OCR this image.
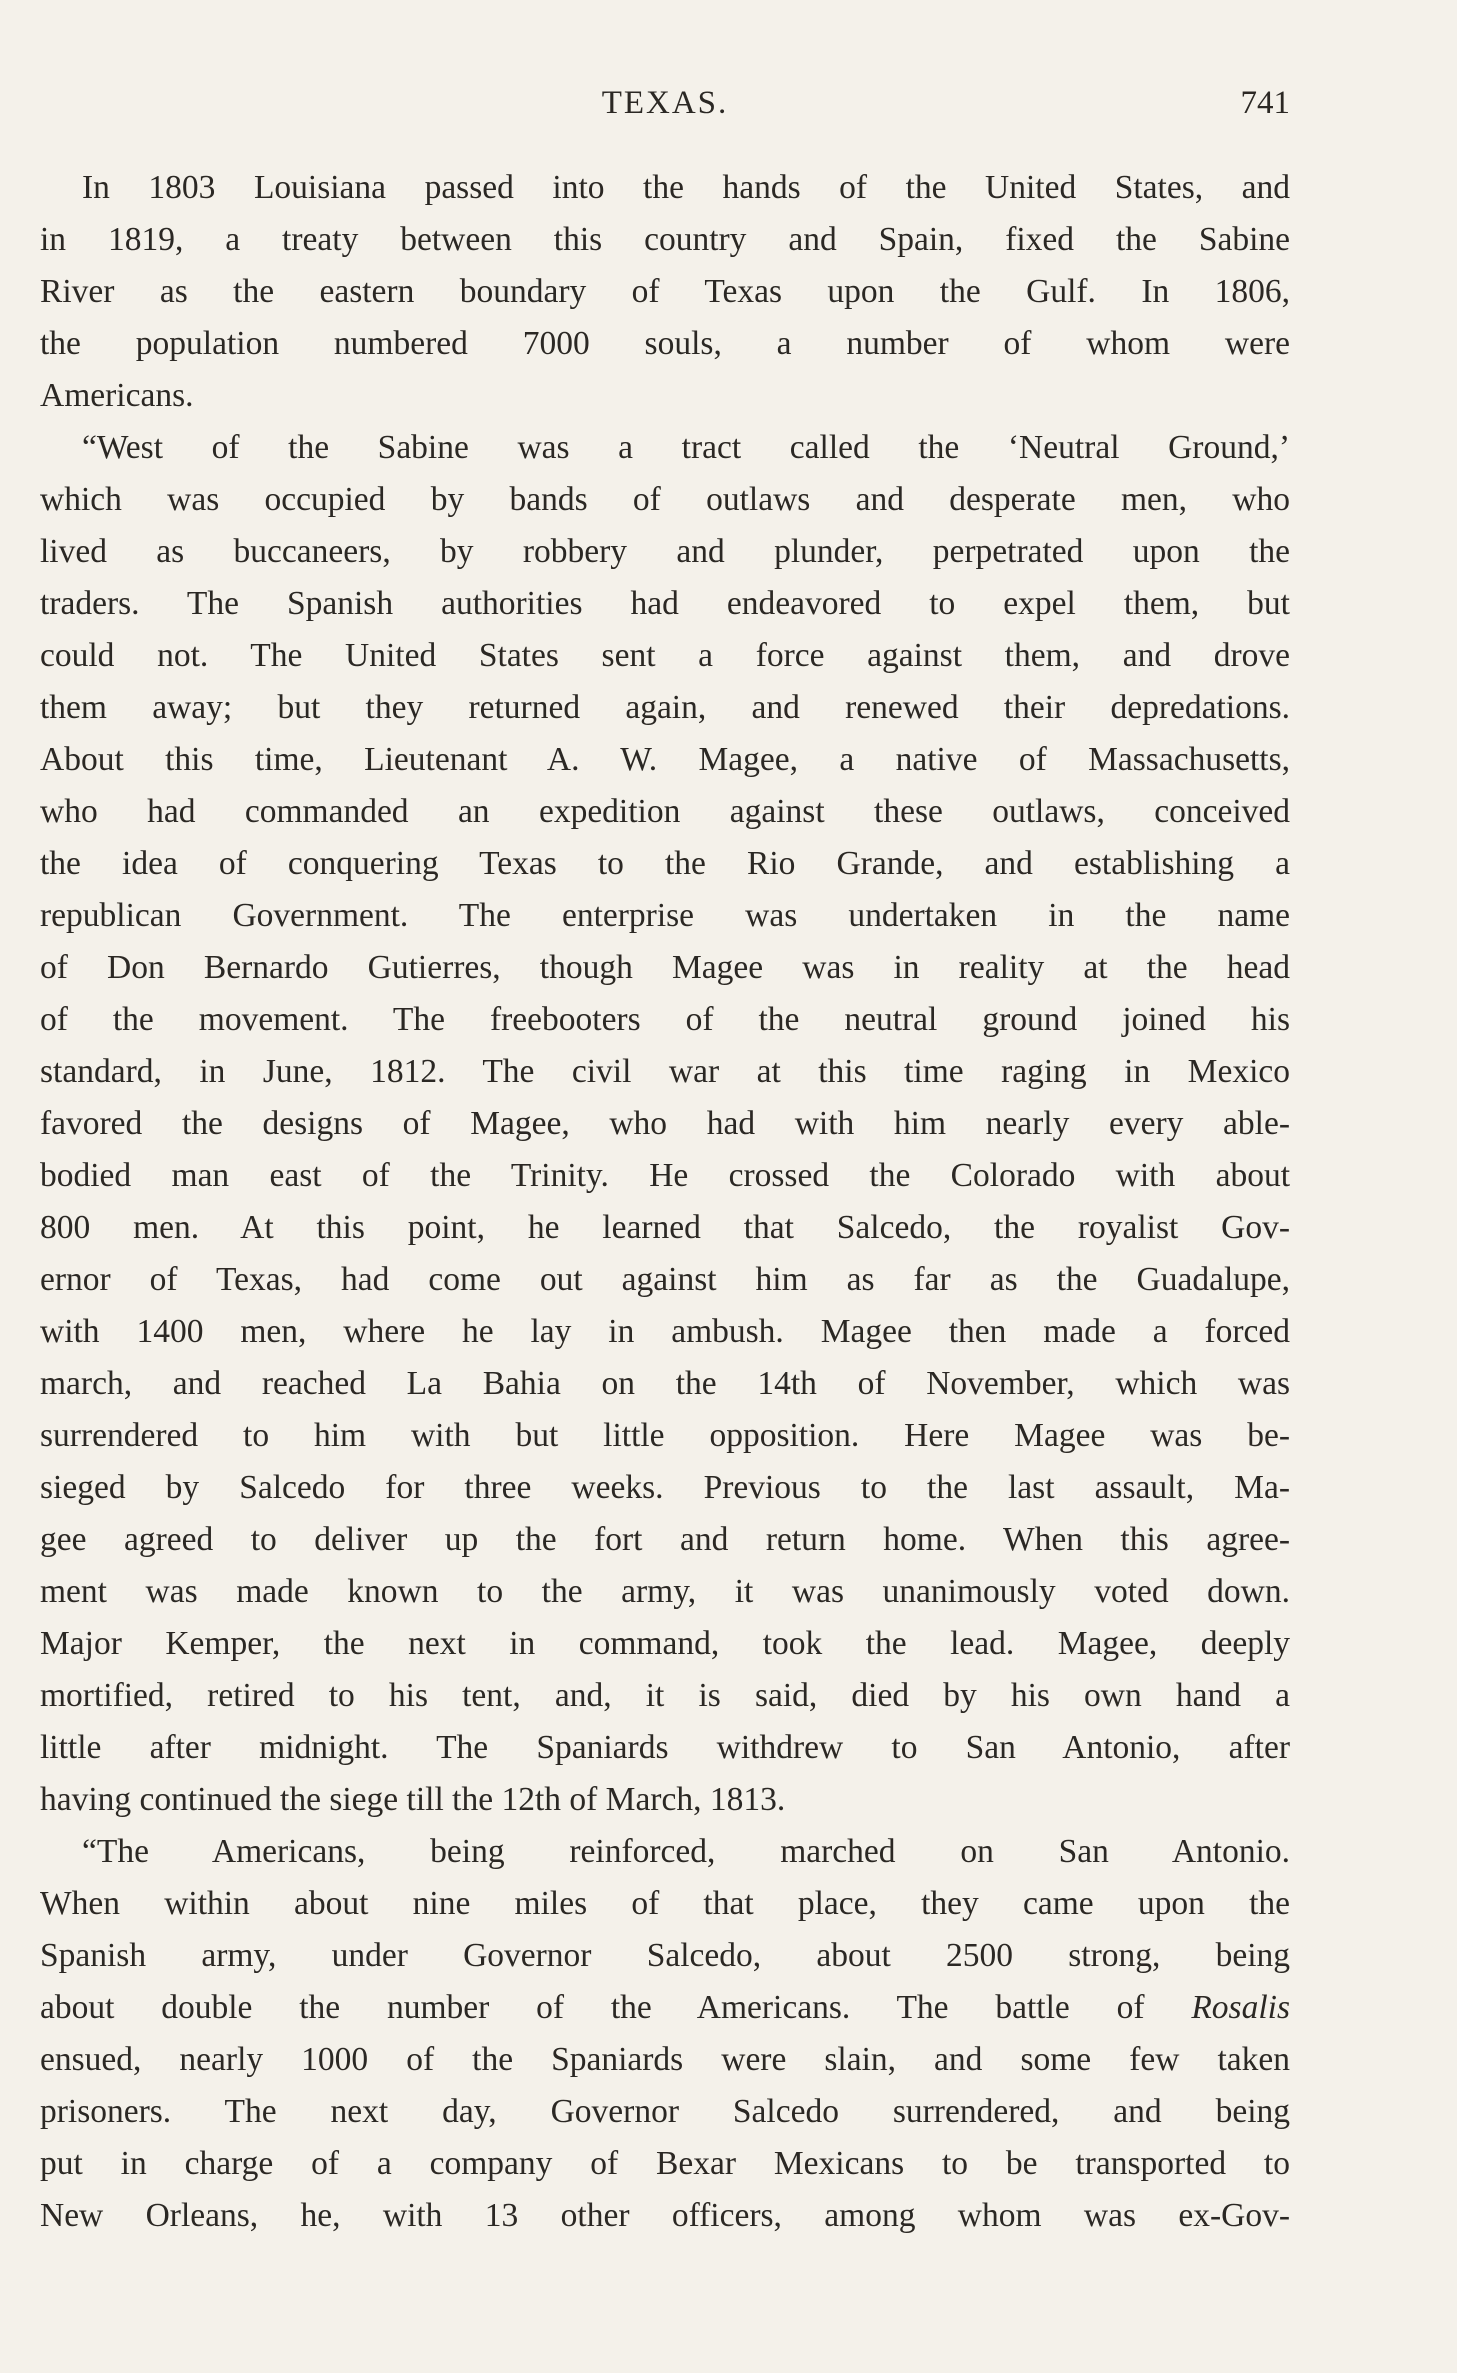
TEXAS.	741
In 1803 Louisiana passed into the hands of the United States, and
in 1819, a treaty between this country and Spain, fixed the Sabine
River as the eastern boundary of Texas upon the Gulf. In 1806,
the population numbered 7000 souls, a number of whom were
Americans.
“West of the Sabine was a tract called the ‘Neutral Ground,’
which was occupied by bands of outlaws and desperate men, who
lived as buccaneers, by robbery and plunder, perpetrated upon the
traders. The Spanish authorities had endeavored to expel them, but
could not. The United States sent a force against them, and drove
them away; but they returned again, and renewed their depredations.
About this time, Lieutenant A. W. Magee, a native of Massachusetts,
who had commanded an expedition against these outlaws, conceived
the idea of conquering Texas to the Rio Grande, and establishing a
republican Government. The enterprise was undertaken in the name
of Don Bernardo Gutierres, though Magee was in reality at the head
of the movement. The freebooters of the neutral ground joined his
standard, in June, 1812. The civil war at this time raging in Mexico
favored the designs of Magee, who had with him nearly every able-
bodied man east of the Trinity. He crossed the Colorado with about
800 men. At this point, he learned that Salcedo, the royalist Gov-
ernor of Texas, had come out against him as far as the Guadalupe,
with 1400 men, where he lay in ambush. Magee then made a forced
march, and reached La Bahia on the 14th of November, which was
surrendered to him with but little opposition. Here Magee was be-
sieged by Salcedo for three weeks. Previous to the last assault, Ma-
gee agreed to deliver up the fort and return home. When this agree-
ment was made known to the army, it was unanimously voted down.
Major Kemper, the next in command, took the lead. Magee, deeply
mortified, retired to his tent, and, it is said, died by his own hand a
little after midnight. The Spaniards withdrew to San Antonio, after
having continued the siege till the 12th of March, 1813.
“The Americans, being reinforced, marched on San Antonio.
When within about nine miles of that place, they came upon the
Spanish army, under Governor Salcedo, about 2500 strong, being
about double the number of the Americans. The battle of Rosalis
ensued, nearly 1000 of the Spaniards were slain, and some few taken
prisoners. The next day, Governor Salcedo surrendered, and being
put in charge of a company of Bexar Mexicans to be transported to
New Orleans, he, with 13 other officers, among whom was ex-Gov-
